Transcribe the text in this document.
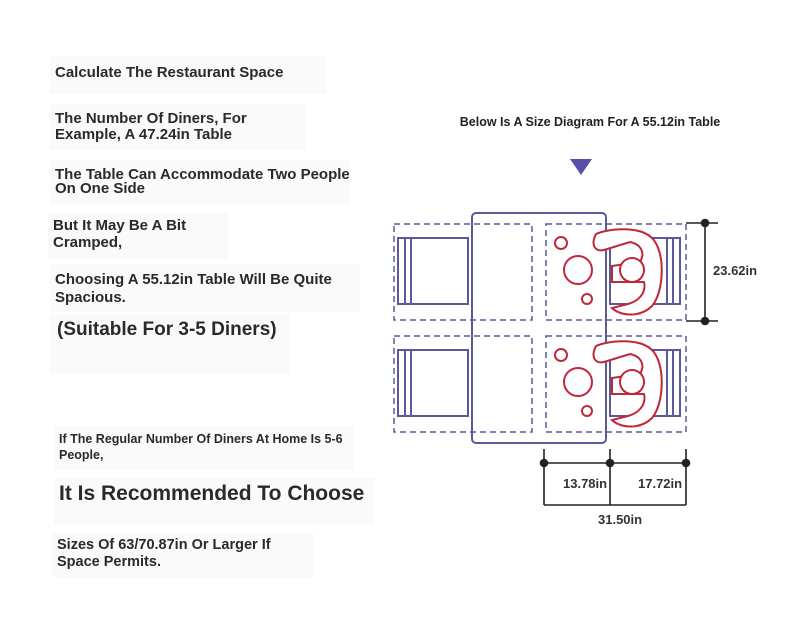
Calculate The Restaurant Space
The Number Of Diners, For Example, A 47.24in Table
The Table Can Accommodate Two People On One Side
But It May Be A Bit Cramped,
Choosing A 55.12in Table Will Be Quite Spacious.
(Suitable For 3-5 Diners)
If The Regular Number Of Diners At Home Is 5-6 People,
It Is Recommended To Choose
Sizes Of 63/70.87in Or Larger If Space Permits.
Below Is A Size Diagram For A 55.12in Table
23.62in
13.78in 17.72in
31.50in
